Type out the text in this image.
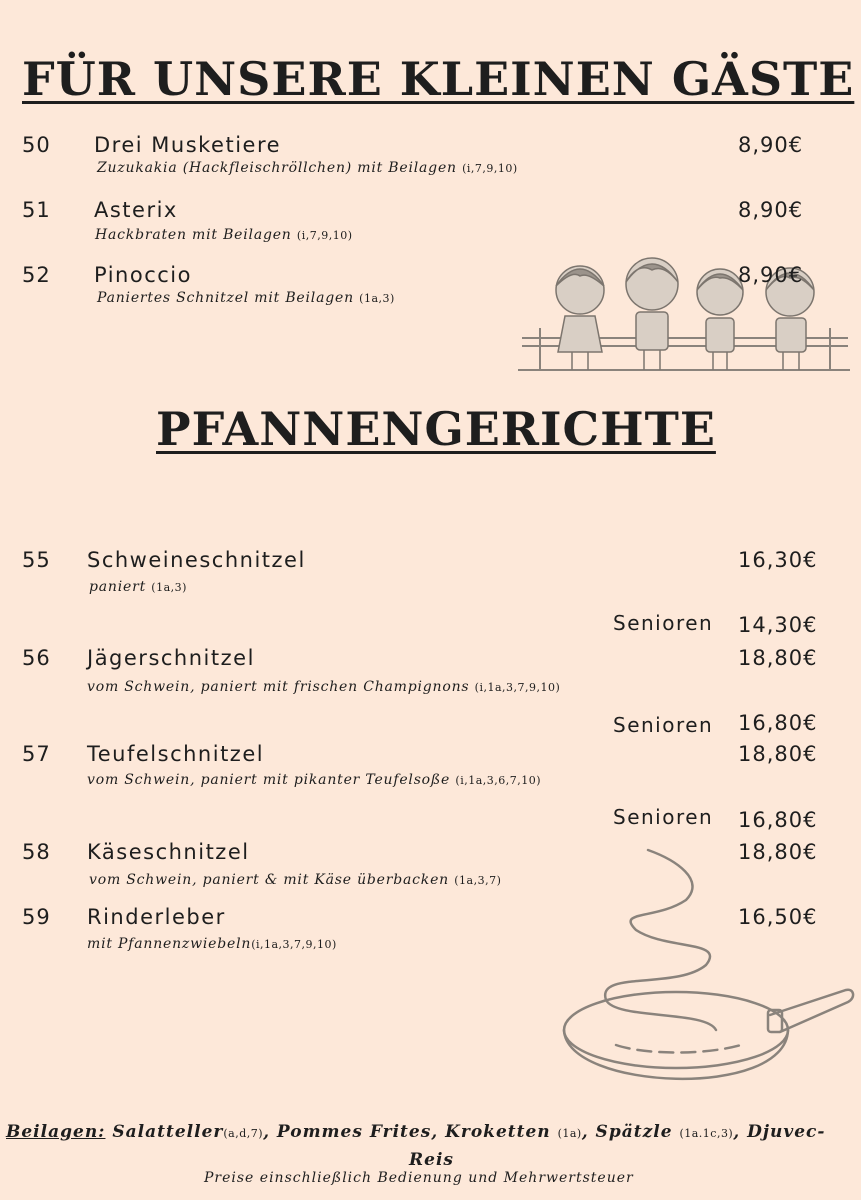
FÜR UNSERE KLEINEN GÄSTE
50 Drei Musketiere	8,90€
Zuzukakia (Hackfleischröllchen) mit Beilagen (i,7,9,10)
51 Asterix	8,90€
Hackbraten mit Beilagen (i,7,9,10)
52 Pinoccio	8,90€
Paniertes Schnitzel mit Beilagen (1a,3)
PFANNENGERICHTE
55 Schweineschnitzel	16,30€
paniert (1a,3)
Senioren 14,30€
56 Jägerschnitzel	18,80€
vom Schwein, paniert mit frischen Champignons (i,1a,3,7,9,10)
Senioren 16,80€
57 Teufelschnitzel	18,80€
vom Schwein, paniert mit pikanter Teufelsoße (i,1a,3,6,7,10)
Senioren 16,80€
58 Käseschnitzel	18,80€
vom Schwein, paniert & mit Käse überbacken (1a,3,7)
59 Rinderleber	16,50€
mit Pfannenzwiebeln(i,1a,3,7,9,10)
Beilagen: Salatteller(a,d,7), Pommes Frites, Kroketten (1a), Spätzle (1a.1c,3), Djuvec-
Reis
Preise einschließlich Bedienung und Mehrwertsteuer
